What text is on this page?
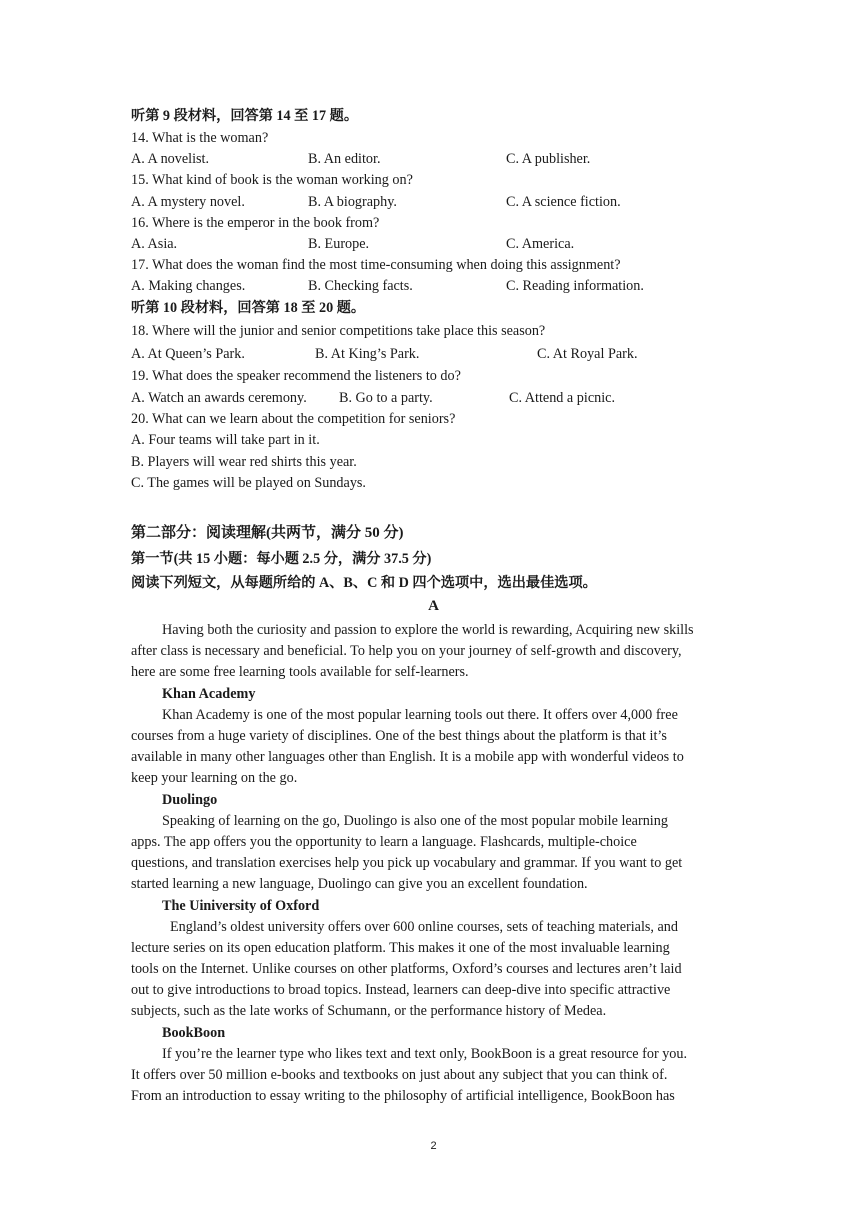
听第 9 段材料，回答第 14 至 17 题。
14. What is the woman?
A. A novelist.	B. An editor.	C. A publisher.
15. What kind of book is the woman working on?
A. A mystery novel.	B. A biography.	C. A science fiction.
16. Where is the emperor in the book from?
A. Asia.	B. Europe.	C. America.
17. What does the woman find the most time-consuming when doing this assignment?
A. Making changes.	B. Checking facts.	C. Reading information.
听第 10 段材料，回答第 18 至 20 题。
18. Where will the junior and senior competitions take place this season?
A. At Queen’s Park.	B. At King’s Park.	C. At Royal Park.
19. What does the speaker recommend the listeners to do?
A. Watch an awards ceremony. B. Go to a party.	C. Attend a picnic.
20. What can we learn about the competition for seniors?
A. Four teams will take part in it.
B. Players will wear red shirts this year.
C. The games will be played on Sundays.
第二部分：阅读理解(共两节，满分 50 分)
第一节(共 15 小题：每小题 2.5 分，满分 37.5 分)
阅读下列短文，从每题所给的 A、B、C 和 D 四个选项中，选出最佳选项。
A
Having both the curiosity and passion to explore the world is rewarding, Acquiring new skills
after class is necessary and beneficial. To help you on your journey of self-growth and discovery,
here are some free learning tools available for self-learners.
Khan Academy
Khan Academy is one of the most popular learning tools out there. It offers over 4,000 free
courses from a huge variety of disciplines. One of the best things about the platform is that it’s
available in many other languages other than English. It is a mobile app with wonderful videos to
keep your learning on the go.
Duolingo
Speaking of learning on the go, Duolingo is also one of the most popular mobile learning
apps. The app offers you the opportunity to learn a language. Flashcards, multiple-choice
questions, and translation exercises help you pick up vocabulary and grammar. If you want to get
started learning a new language, Duolingo can give you an excellent foundation.
The Uiniversity of Oxford
England’s oldest university offers over 600 online courses, sets of teaching materials, and
lecture series on its open education platform. This makes it one of the most invaluable learning
tools on the Internet. Unlike courses on other platforms, Oxford’s courses and lectures aren’t laid
out to give introductions to broad topics. Instead, learners can deep-dive into specific attractive
subjects, such as the late works of Schumann, or the performance history of Medea.
BookBoon
If you’re the learner type who likes text and text only, BookBoon is a great resource for you.
It offers over 50 million e-books and textbooks on just about any subject that you can think of.
From an introduction to essay writing to the philosophy of artificial intelligence, BookBoon has
2
